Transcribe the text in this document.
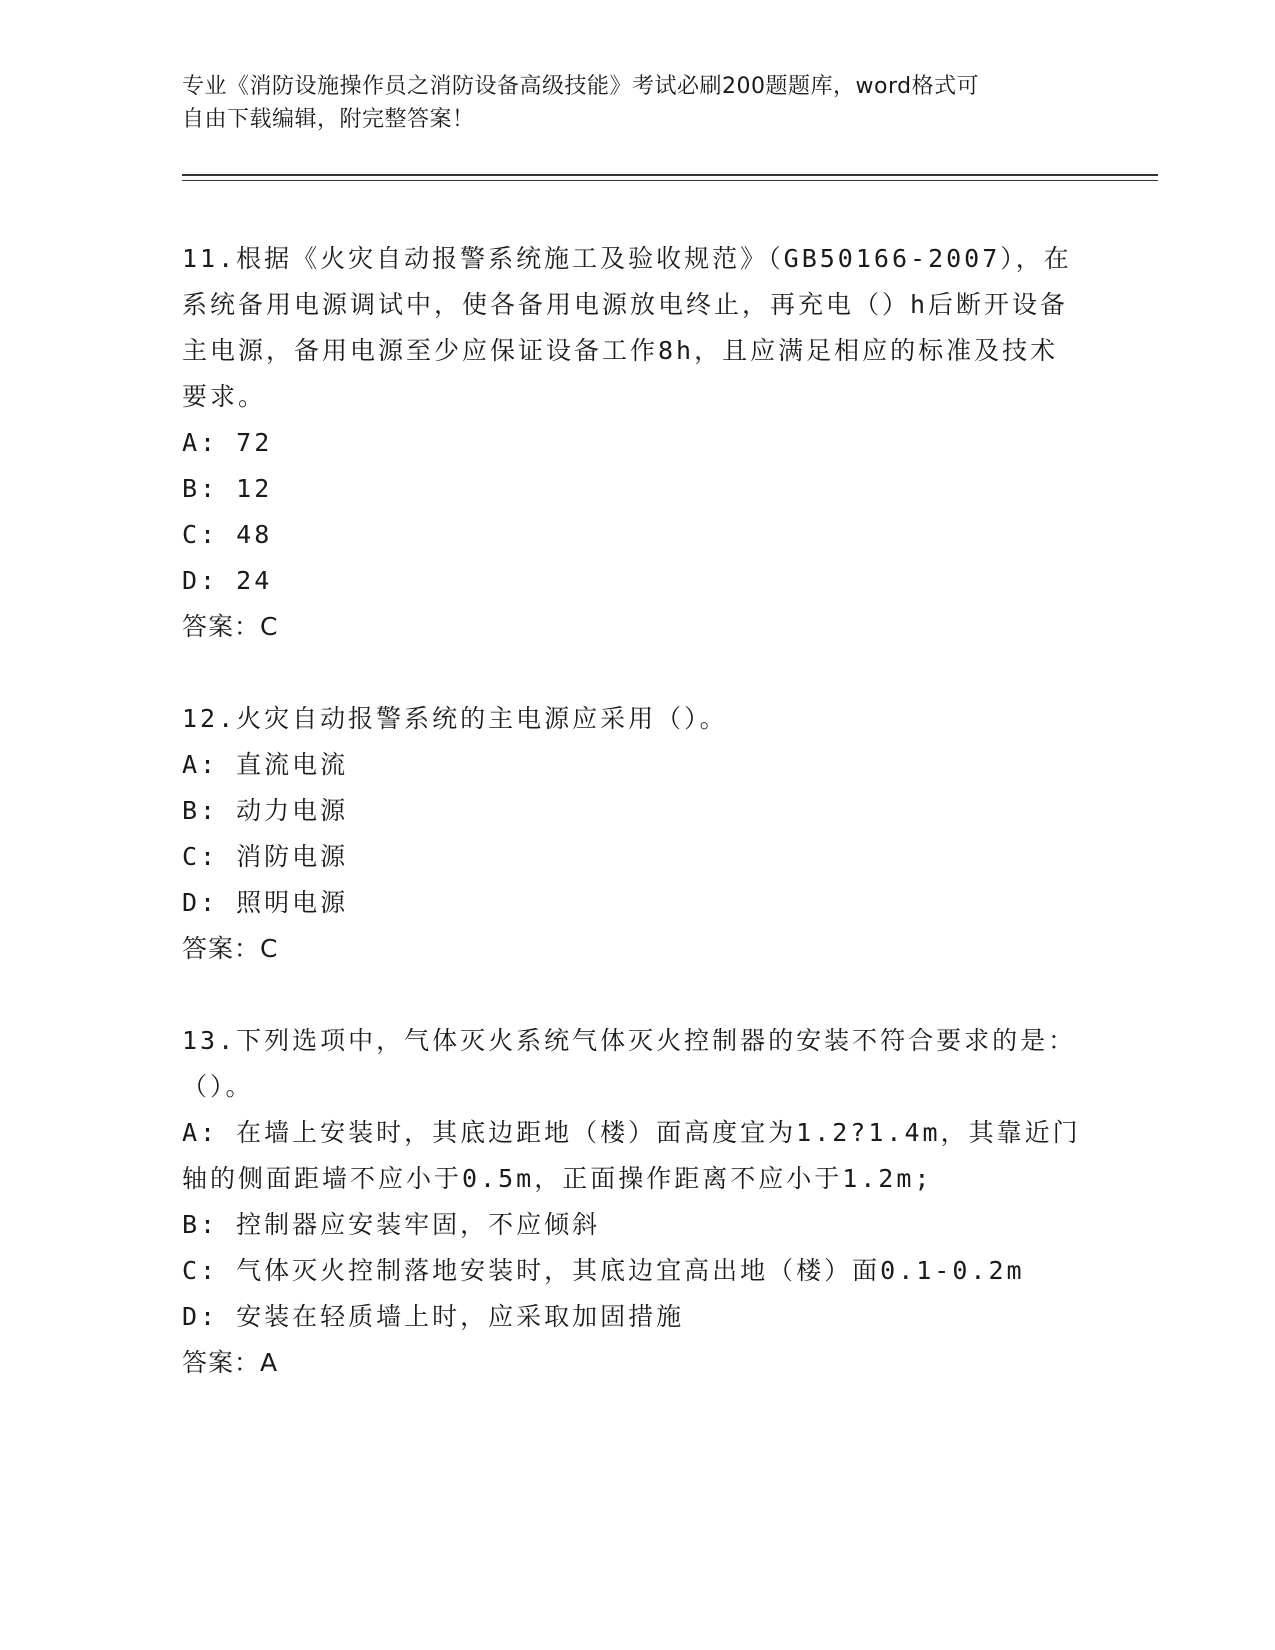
专业《消防设施操作员之消防设备高级技能》考试必刷200题题库，word格式可
自由下载编辑，附完整答案！
11.根据《火灾自动报警系统施工及验收规范》（GB50166-2007），在系统备用电源调试中，使各备用电源放电终止，再充电（）h后断开设备主电源，备用电源至少应保证设备工作8h，且应满足相应的标准及技术要求。
A: 72
B: 12
C: 48
D: 24
答案：C
12.火灾自动报警系统的主电源应采用（）。
A: 直流电流
B: 动力电源
C: 消防电源
D: 照明电源
答案：C
13.下列选项中，气体灭火系统气体灭火控制器的安装不符合要求的是：（）。
A: 在墙上安装时，其底边距地（楼）面高度宜为1.2?1.4m，其靠近门轴的侧面距墙不应小于0.5m，正面操作距离不应小于1.2m;
B: 控制器应安装牢固，不应倾斜
C: 气体灭火控制落地安装时，其底边宜高出地（楼）面0.1-0.2m
D: 安装在轻质墙上时，应采取加固措施
答案：A
